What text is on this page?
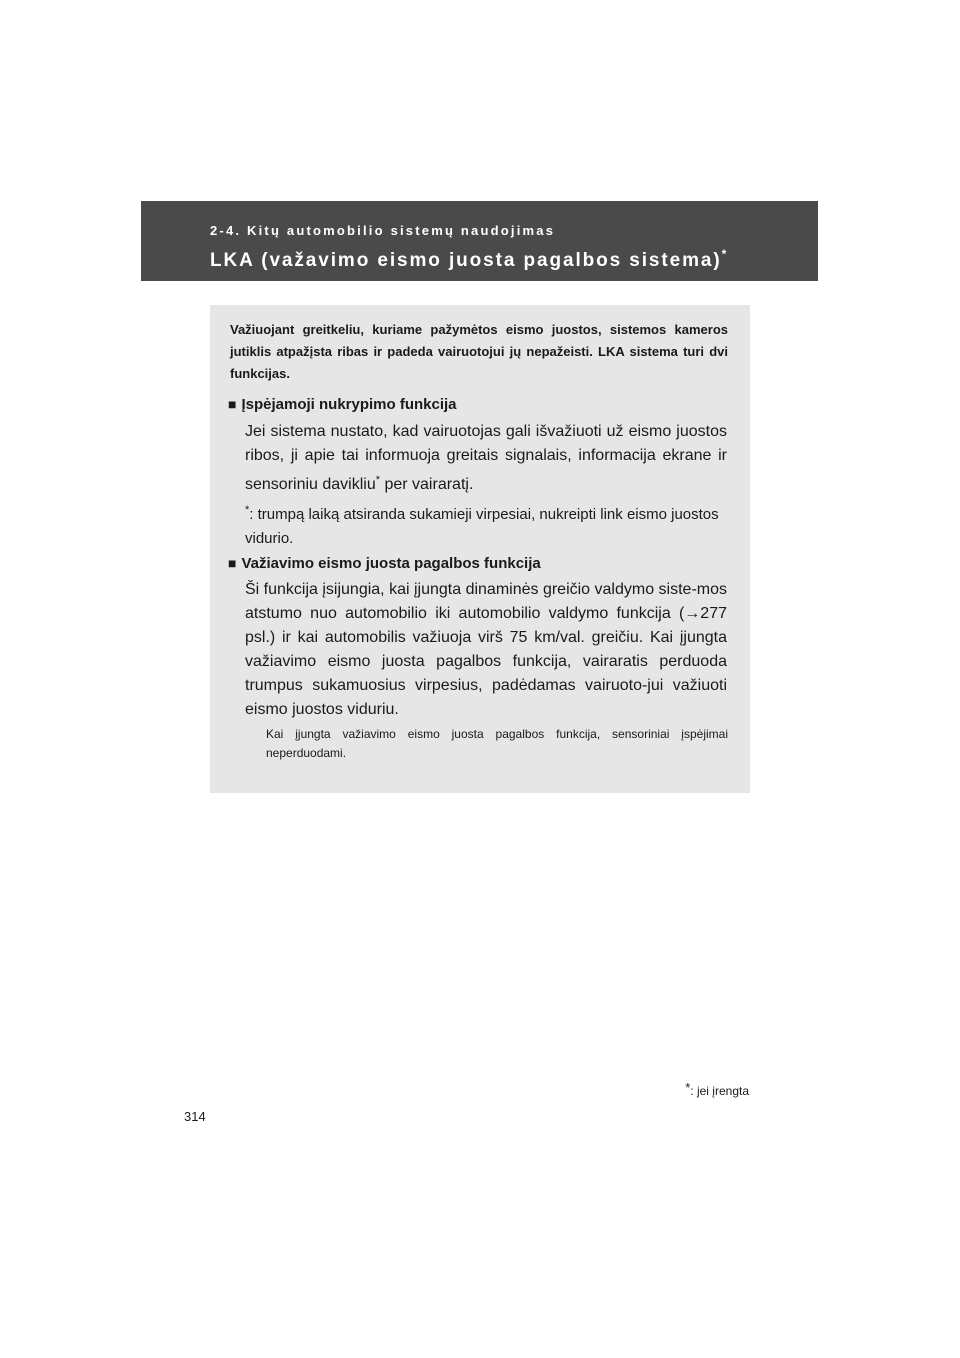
2-4. Kitų automobilio sistemų naudojimas
LKA (važavimo eismo juosta pagalbos sistema)*
Važiuojant greitkeliu, kuriame pažymėtos eismo juostos, sistemos kameros jutiklis atpažįsta ribas ir padeda vairuotojui jų nepažeisti. LKA sistema turi dvi funkcijas.
■ Įspėjamoji nukrypimo funkcija
Jei sistema nustato, kad vairuotojas gali išvažiuoti už eismo juostos ribos, ji apie tai informuoja greitais signalais, informacija ekrane ir sensoriniu davikliu* per vairaratį.
*: trumpą laiką atsiranda sukamieji virpesiai, nukreipti link eismo juostos vidurio.
■ Važiavimo eismo juosta pagalbos funkcija
Ši funkcija įsijungia, kai įjungta dinaminės greičio valdymo siste-mos atstumo nuo automobilio iki automobilio valdymo funkcija (→277 psl.) ir kai automobilis važiuoja virš 75 km/val. greičiu. Kai įjungta važiavimo eismo juosta pagalbos funkcija, vairaratis perduoda trumpus sukamuosius virpesius, padėdamas vairuoto-jui važiuoti eismo juostos viduriu.
Kai įjungta važiavimo eismo juosta pagalbos funkcija, sensoriniai įspėjimai neperduodami.
*: jei įrengta
314
